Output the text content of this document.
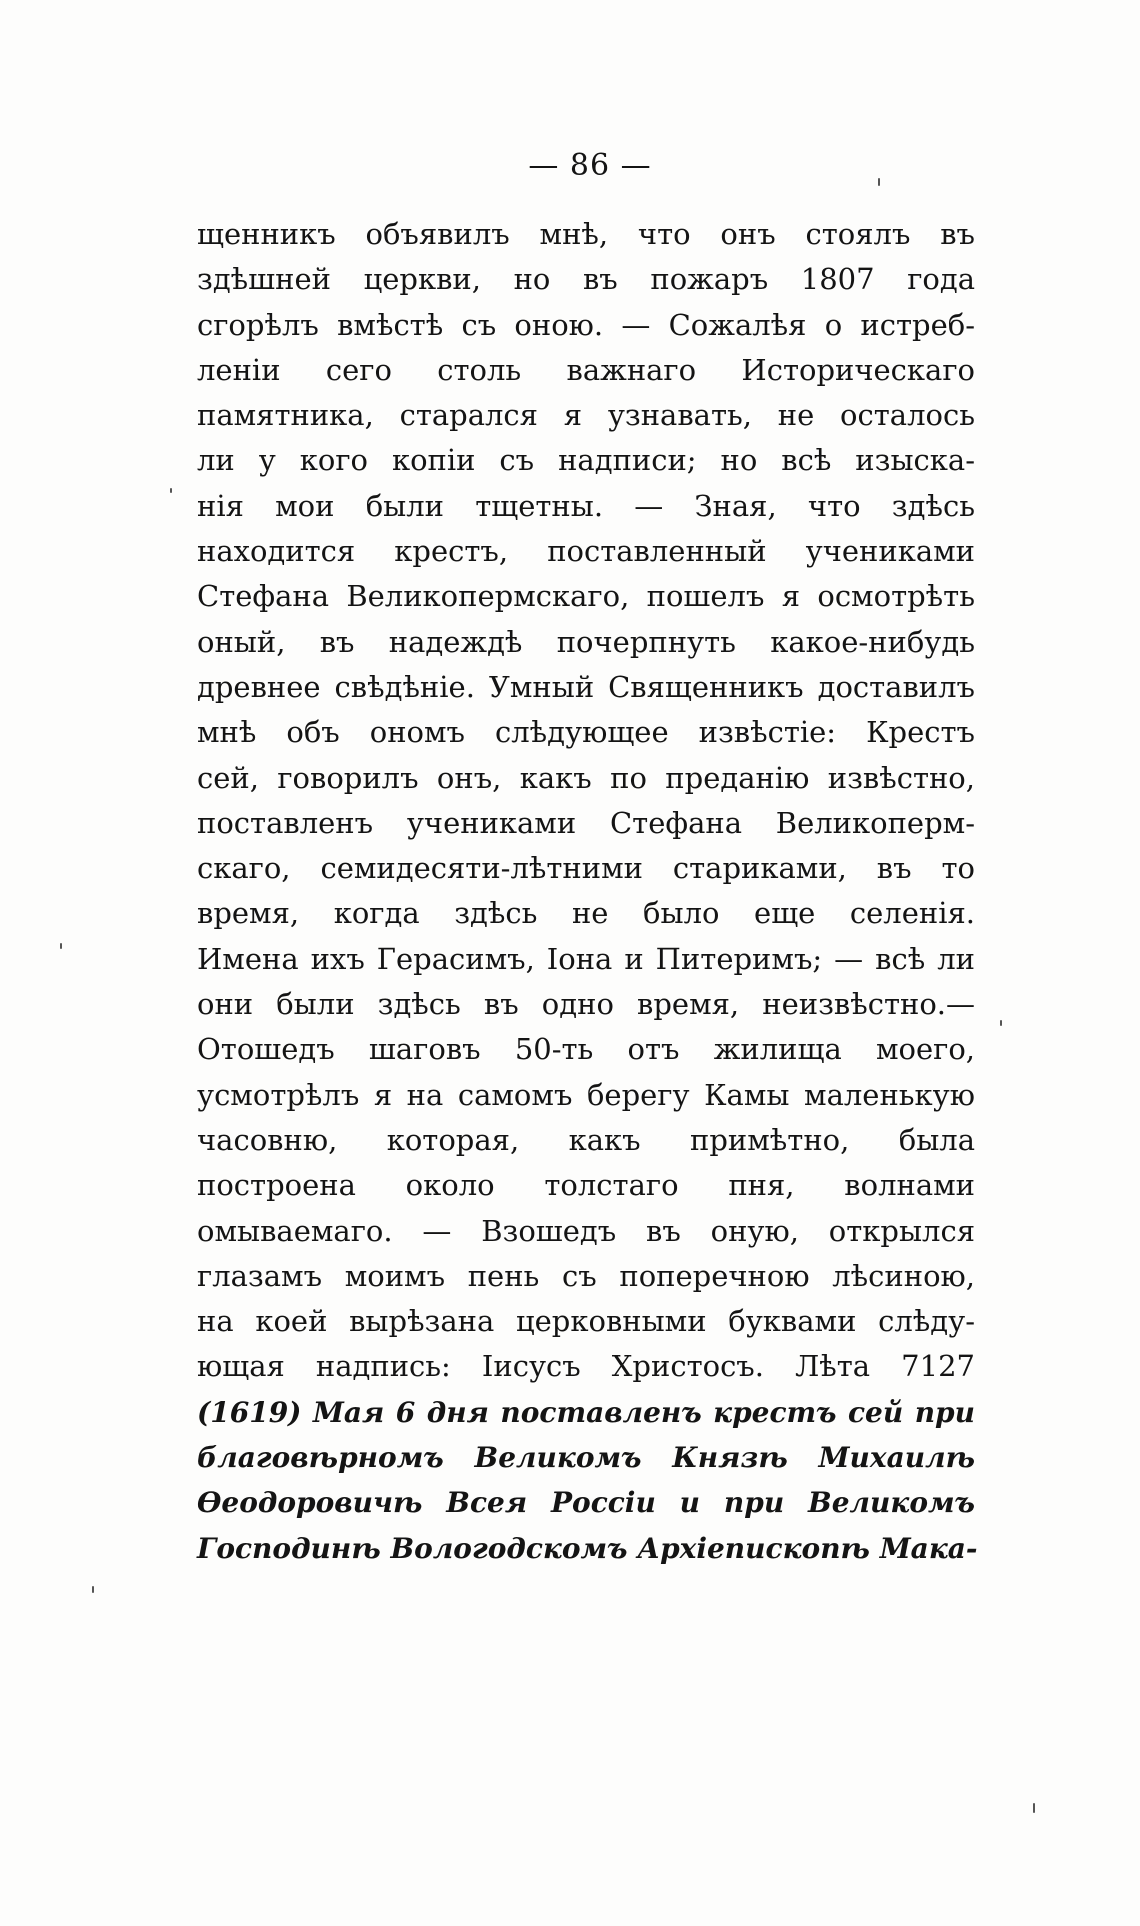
— 86 —
щенникъ объявилъ мнѣ, что онъ стоялъ въ
здѣшней церкви, но въ пожаръ 1807 года
сгорѣлъ вмѣстѣ съ оною. — Сожалѣя о истреб-
леніи сего столь важнаго Историческаго
памятника, старался я узнавать, не осталось
ли у кого копіи съ надписи; но всѣ изыска-
нія мои были тщетны. — Зная, что здѣсь
находится крестъ, поставленный учениками
Стефана Великопермскаго, пошелъ я осмотрѣть
оный, въ надеждѣ почерпнуть какое-нибудь
древнее свѣдѣніе. Умный Священникъ доставилъ
мнѣ объ ономъ слѣдующее извѣстіе: Крестъ
сей, говорилъ онъ, какъ по преданію извѣстно,
поставленъ учениками Стефана Великоперм-
скаго, семидесяти-лѣтними стариками, въ то
время, когда здѣсь не было еще селенія.
Имена ихъ Герасимъ, Іона и Питеримъ; — всѣ ли
они были здѣсь въ одно время, неизвѣстно.—
Отошедъ шаговъ 50-ть отъ жилища моего,
усмотрѣлъ я на самомъ берегу Камы маленькую
часовню, которая, какъ примѣтно, была
построена около толстаго пня, волнами
омываемаго. — Взошедъ въ оную, открылся
глазамъ моимъ пень съ поперечною лѣсиною,
на коей вырѣзана церковными буквами слѣду-
ющая надпись: Іисусъ Христосъ. Лѣта 7127
(1619) Мая 6 дня поставленъ крестъ сей при
благовѣрномъ Великомъ Князѣ Михаилѣ
Ѳеодоровичѣ Всея Россіи и при Великомъ
Господинѣ Вологодскомъ Архіепископѣ Мака-
